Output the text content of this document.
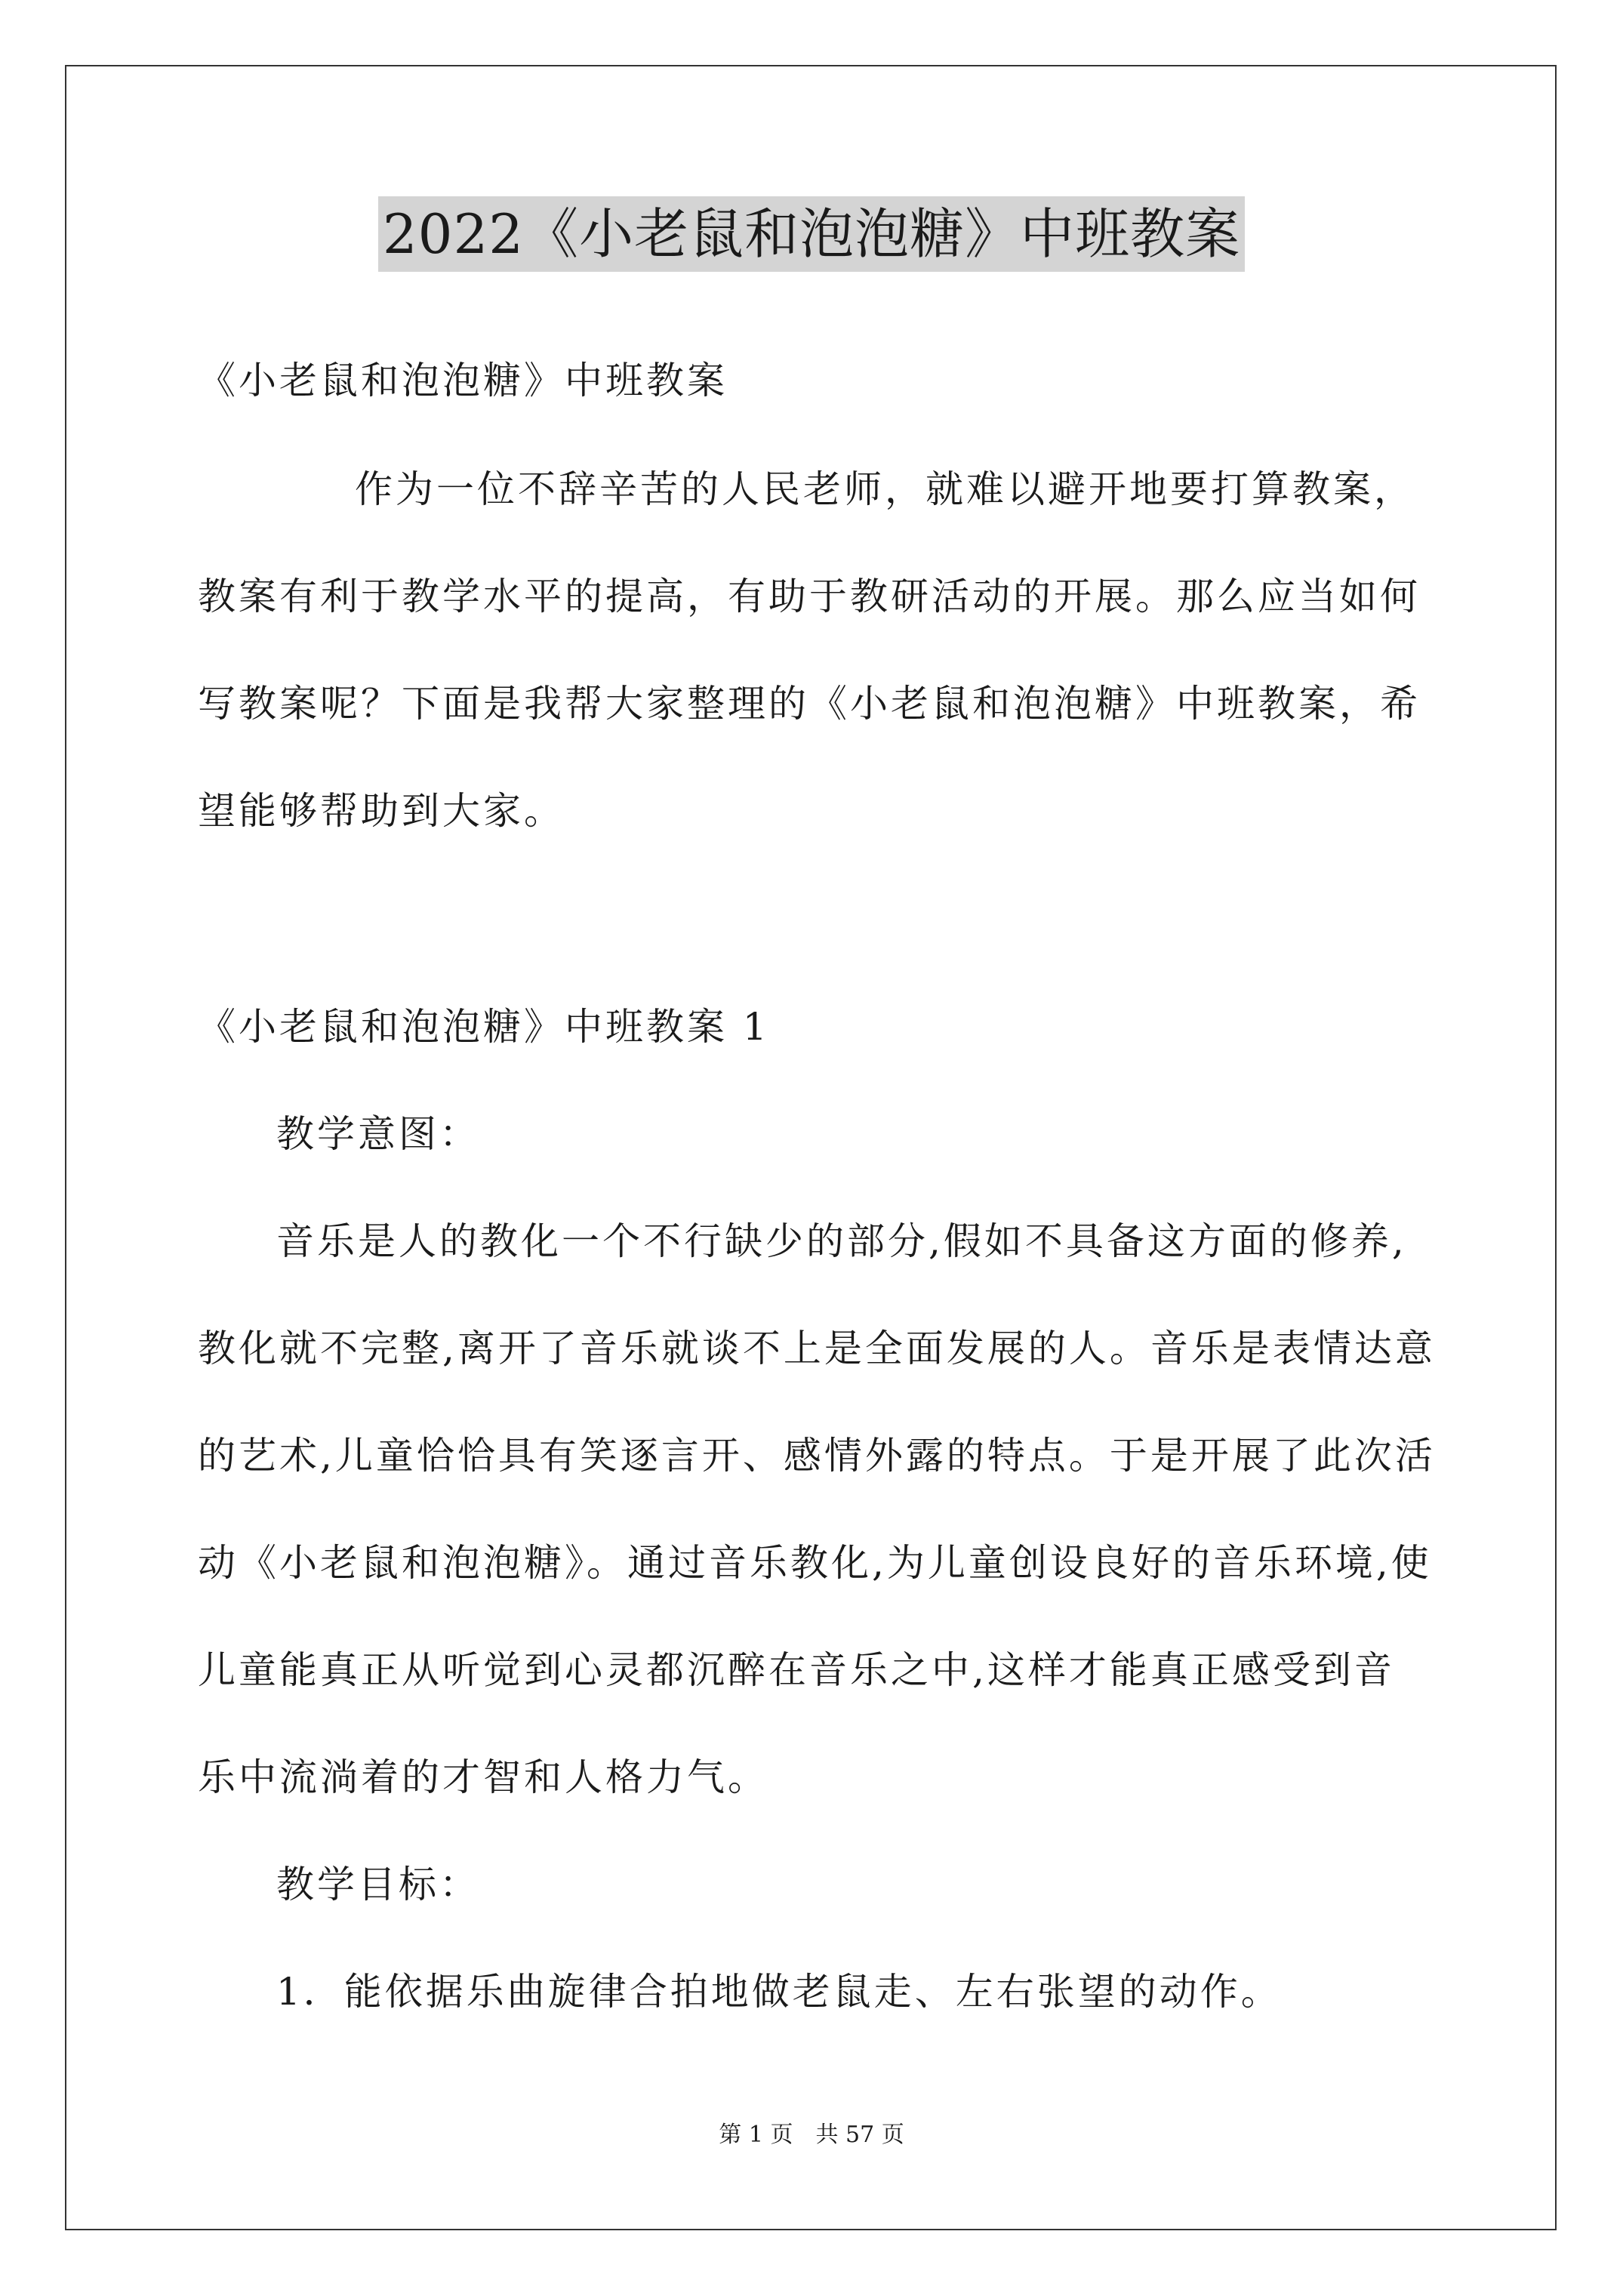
2022《小老鼠和泡泡糖》中班教案
《小老鼠和泡泡糖》中班教案
作为一位不辞辛苦的人民老师，就难以避开地要打算教案，
教案有利于教学水平的提高，有助于教研活动的开展。那么应当如何
写教案呢？下面是我帮大家整理的《小老鼠和泡泡糖》中班教案，希
望能够帮助到大家。
《小老鼠和泡泡糖》中班教案 1
教学意图：
音乐是人的教化一个不行缺少的部分,假如不具备这方面的修养,
教化就不完整,离开了音乐就谈不上是全面发展的人。音乐是表情达意
的艺术,儿童恰恰具有笑逐言开、感情外露的特点。于是开展了此次活
动《小老鼠和泡泡糖》。通过音乐教化,为儿童创设良好的音乐环境,使
儿童能真正从听觉到心灵都沉醉在音乐之中,这样才能真正感受到音
乐中流淌着的才智和人格力气。
教学目标：
1．能依据乐曲旋律合拍地做老鼠走、左右张望的动作。
第 1 页　共 57 页
